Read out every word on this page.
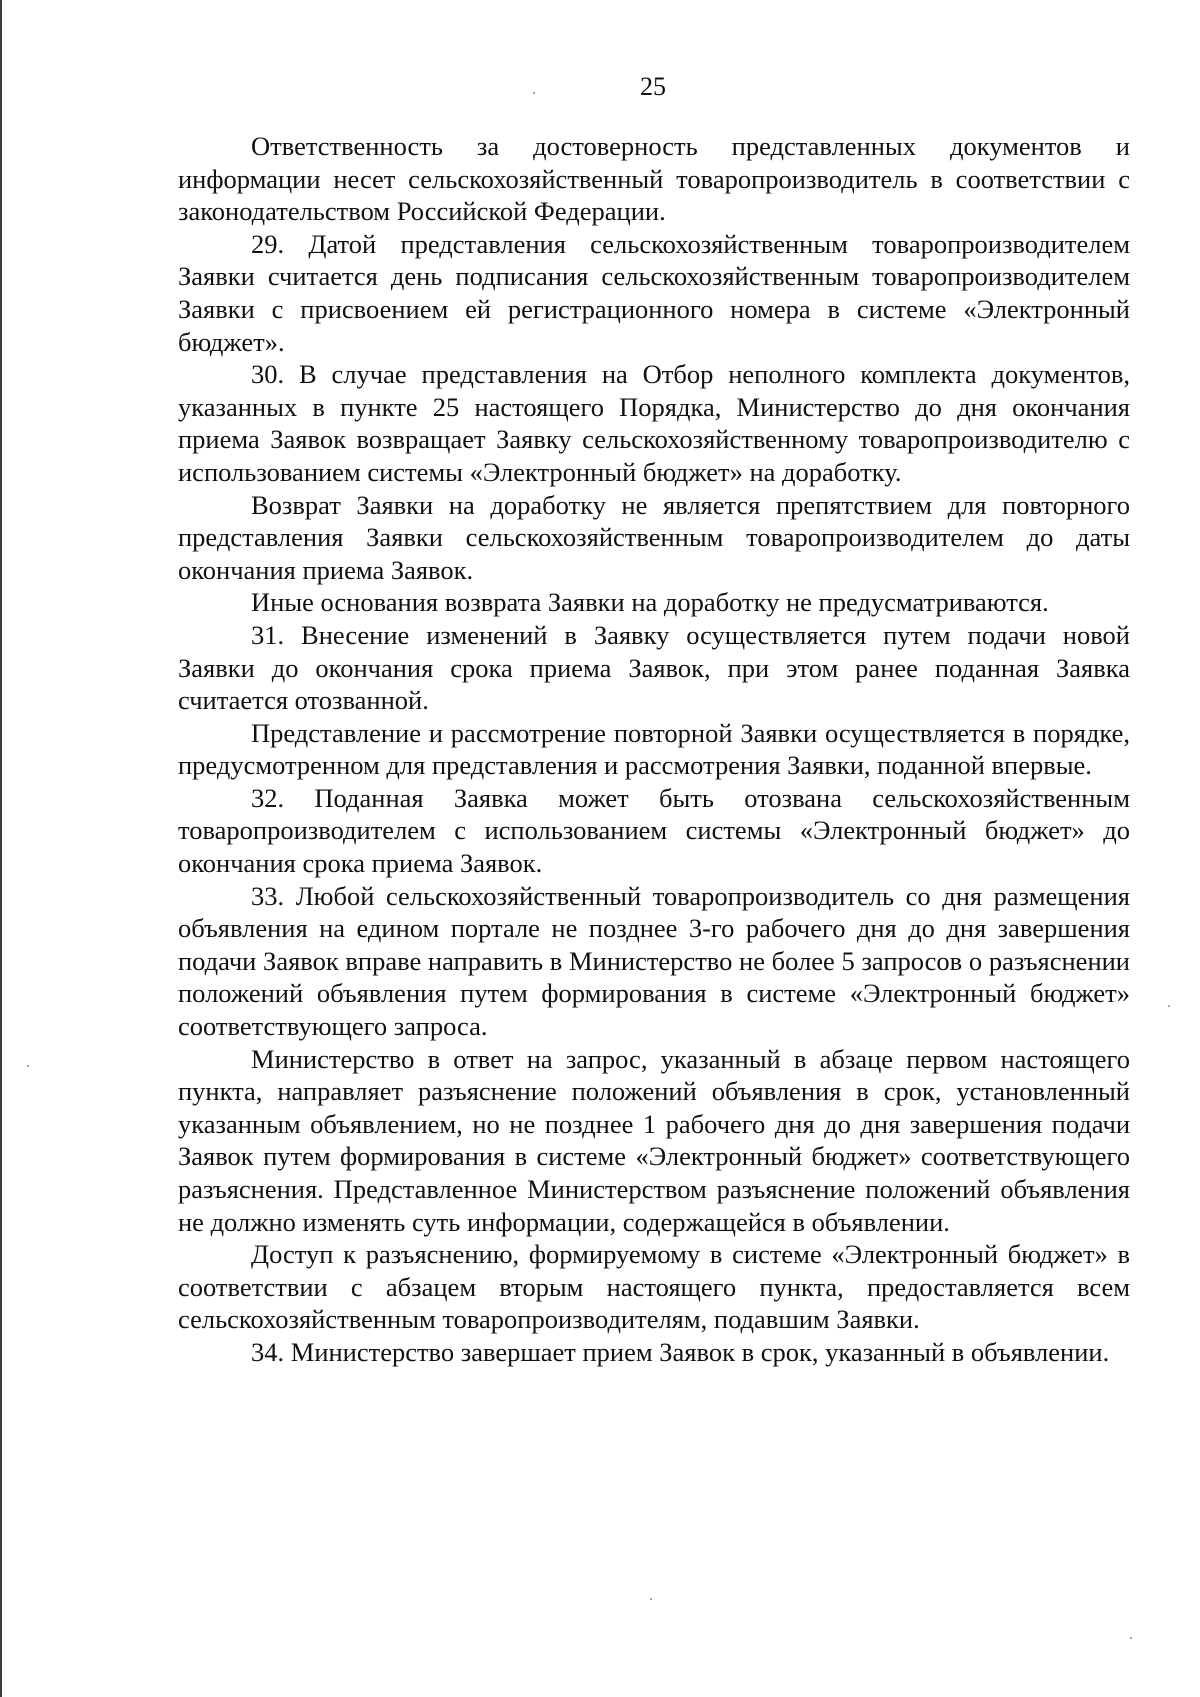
25

Ответственность за достоверность представленных документов и информации несет сельскохозяйственный товаропроизводитель в соответствии с законодательством Российской Федерации.

29. Датой представления сельскохозяйственным товаропроизводителем Заявки считается день подписания сельскохозяйственным товаропроизводителем Заявки с присвоением ей регистрационного номера в системе «Электронный бюджет».

30. В случае представления на Отбор неполного комплекта документов, указанных в пункте 25 настоящего Порядка, Министерство до дня окончания приема Заявок возвращает Заявку сельскохозяйственному товаропроизводителю с использованием системы «Электронный бюджет» на доработку.

Возврат Заявки на доработку не является препятствием для повторного представления Заявки сельскохозяйственным товаропроизводителем до даты окончания приема Заявок.

Иные основания возврата Заявки на доработку не предусматриваются.

31. Внесение изменений в Заявку осуществляется путем подачи новой Заявки до окончания срока приема Заявок, при этом ранее поданная Заявка считается отозванной.

Представление и рассмотрение повторной Заявки осуществляется в порядке, предусмотренном для представления и рассмотрения Заявки, поданной впервые.

32. Поданная Заявка может быть отозвана сельскохозяйственным товаропроизводителем с использованием системы «Электронный бюджет» до окончания срока приема Заявок.

33. Любой сельскохозяйственный товаропроизводитель со дня размещения объявления на едином портале не позднее 3-го рабочего дня до дня завершения подачи Заявок вправе направить в Министерство не более 5 запросов о разъяснении положений объявления путем формирования в системе «Электронный бюджет» соответствующего запроса.

Министерство в ответ на запрос, указанный в абзаце первом настоящего пункта, направляет разъяснение положений объявления в срок, установленный указанным объявлением, но не позднее 1 рабочего дня до дня завершения подачи Заявок путем формирования в системе «Электронный бюджет» соответствующего разъяснения. Представленное Министерством разъяснение положений объявления не должно изменять суть информации, содержащейся в объявлении.

Доступ к разъяснению, формируемому в системе «Электронный бюджет» в соответствии с абзацем вторым настоящего пункта, предоставляется всем сельскохозяйственным товаропроизводителям, подавшим Заявки.

34. Министерство завершает прием Заявок в срок, указанный в объявлении.
